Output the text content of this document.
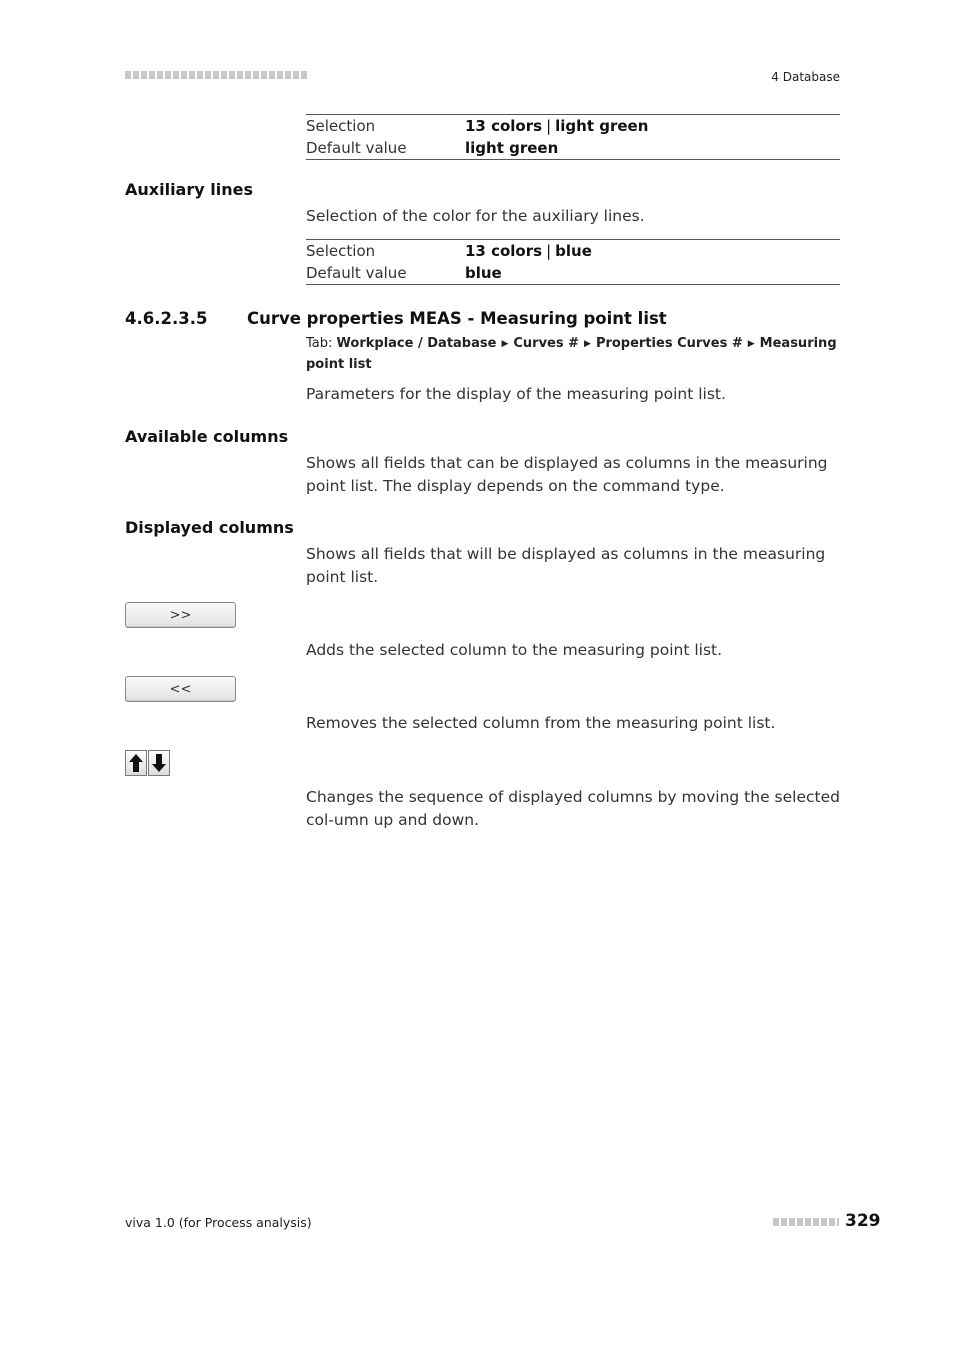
4 Database
Selection	13 colors | light green
Default value	light green
Auxiliary lines
Selection of the color for the auxiliary lines.
Selection	13 colors | blue
Default value	blue
4.6.2.3.5 Curve properties MEAS - Measuring point list
Tab: Workplace / Database ▶ Curves # ▶ Properties Curves # ▶ Measuring point list
Parameters for the display of the measuring point list.
Available columns
Shows all fields that can be displayed as columns in the measuring point list. The display depends on the command type.
Displayed columns
Shows all fields that will be displayed as columns in the measuring point list.
>>
Adds the selected column to the measuring point list.
<<
Removes the selected column from the measuring point list.
Changes the sequence of displayed columns by moving the selected col-umn up and down.
viva 1.0 (for Process analysis)	329
